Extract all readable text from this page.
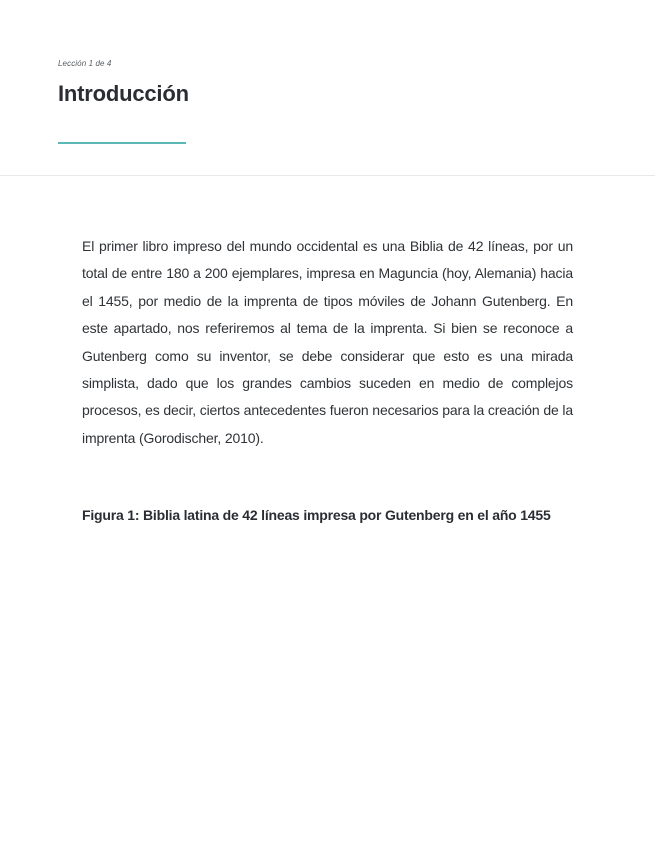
Lección 1 de 4
Introducción

El primer libro impreso del mundo occidental es una Biblia de 42 líneas, por un total de entre 180 a 200 ejemplares, impresa en Maguncia (hoy, Alemania) hacia el 1455, por medio de la imprenta de tipos móviles de Johann Gutenberg. En este apartado, nos referiremos al tema de la imprenta. Si bien se reconoce a Gutenberg como su inventor, se debe considerar que esto es una mirada simplista, dado que los grandes cambios suceden en medio de complejos procesos, es decir, ciertos antecedentes fueron necesarios para la creación de la imprenta (Gorodischer, 2010).

Figura 1: Biblia latina de 42 líneas impresa por Gutenberg en el año 1455
